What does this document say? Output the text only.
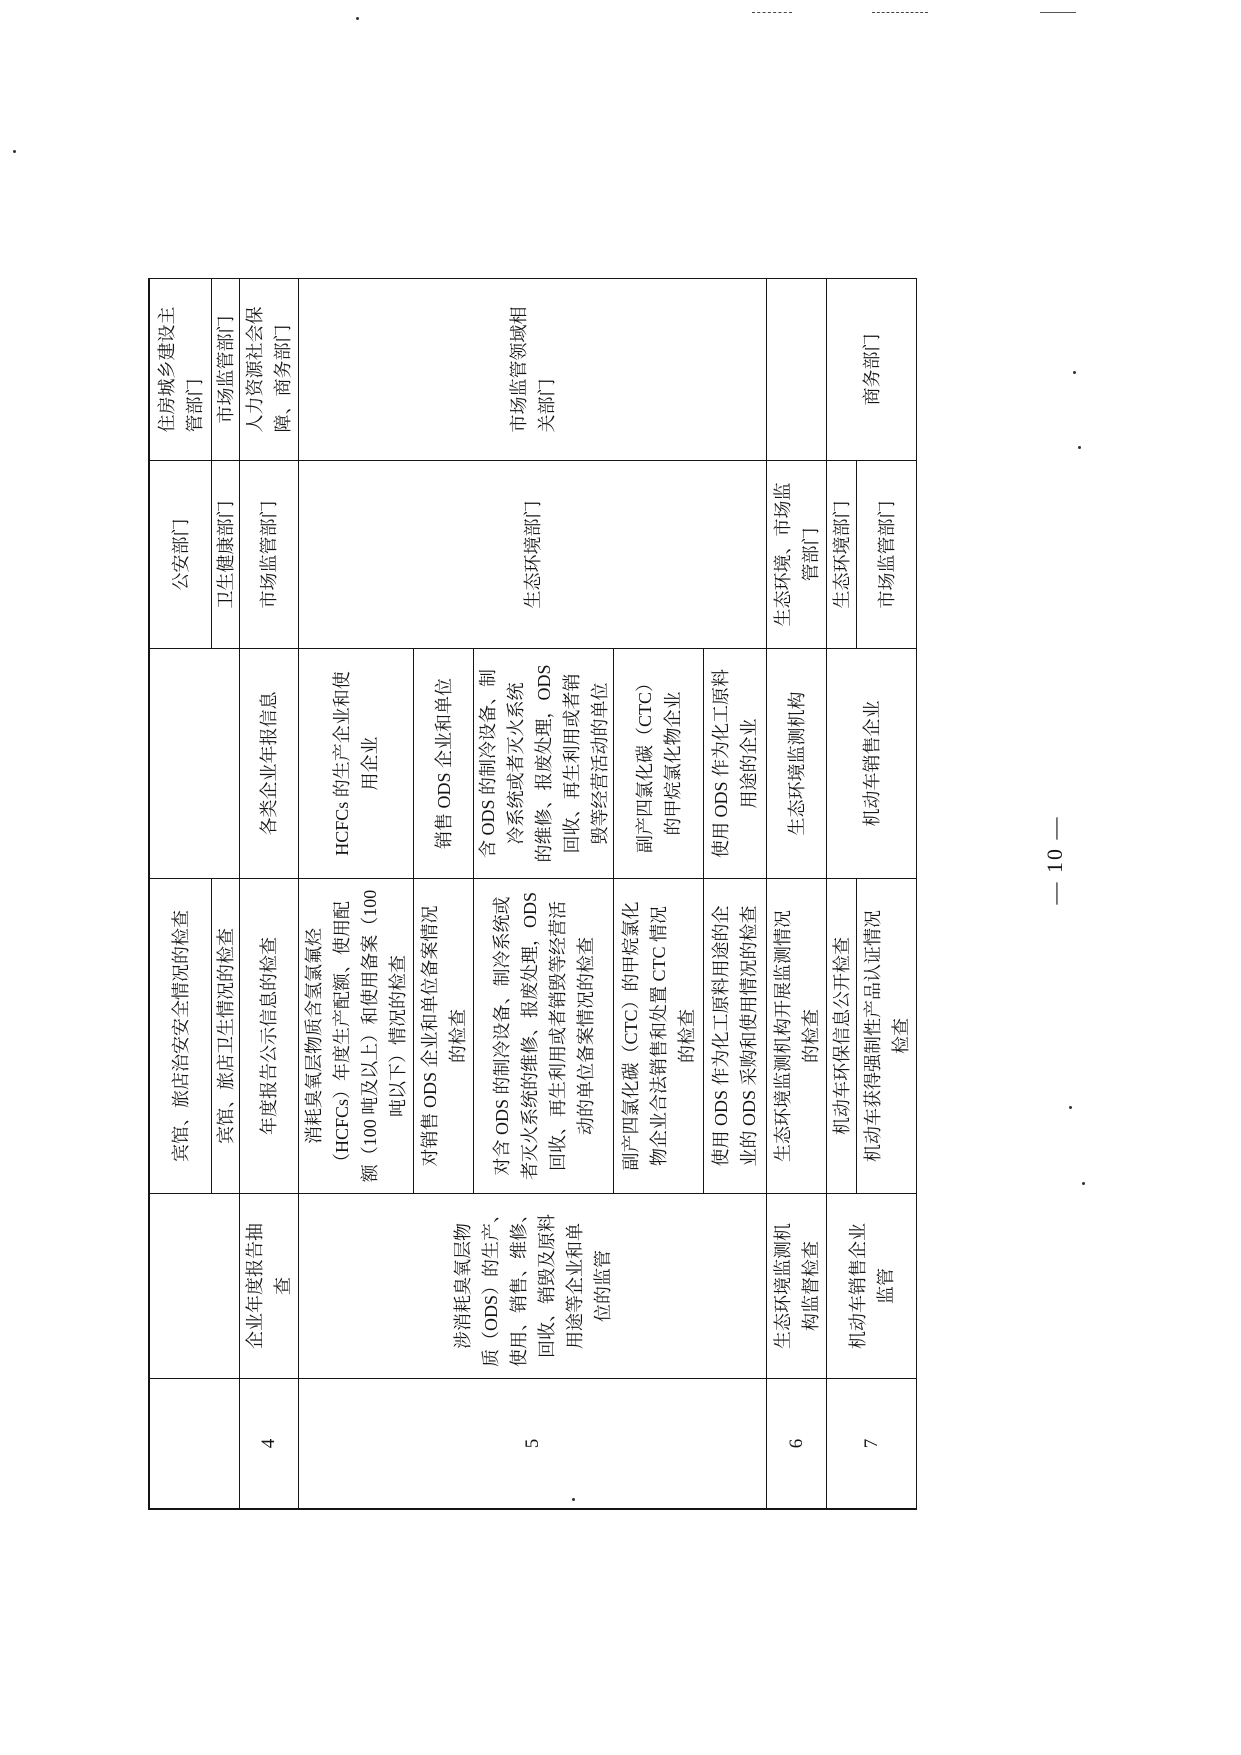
宾馆、旅店治安安全情况的检查
公安部门
住房城乡建设主
管部门
宾馆、旅店卫生情况的检查
卫生健康部门
市场监管部门
4
企业年度报告抽
查
年度报告公示信息的检查
各类企业年报信息
市场监管部门
人力资源社会保
障、商务部门
5
涉消耗臭氧层物
质（ODS）的生产、
使用、销售、维修、
回收、销毁及原料
用途等企业和单
位的监管
生态环境部门
市场监管领域相
关部门
消耗臭氧层物质含氢氯氟烃
（HCFCs）年度生产配额、使用配
额（100 吨及以上）和使用备案（100
吨以下）情况的检查
HCFCs 的生产企业和使
用企业
对销售 ODS 企业和单位备案情况
的检查
销售 ODS 企业和单位
对含 ODS 的制冷设备、制冷系统或
者灭火系统的维修、报废处理，ODS
回收、再生利用或者销毁等经营活
动的单位备案情况的检查
含 ODS 的制冷设备、制
冷系统或者灭火系统
的维修、报废处理，ODS
回收、再生利用或者销
毁等经营活动的单位
副产四氯化碳（CTC）的甲烷氯化
物企业合法销售和处置 CTC 情况
的检查
副产四氯化碳（CTC）
的甲烷氯化物企业
使用 ODS 作为化工原料用途的企
业的 ODS 采购和使用情况的检查
使用 ODS 作为化工原料
用途的企业
6
生态环境监测机
构监督检查
生态环境监测机构开展监测情况
的检查
生态环境监测机构
生态环境、市场监
管部门
7
机动车销售企业
监管
机动车环保信息公开检查
机动车销售企业
生态环境部门
商务部门
机动车获得强制性产品认证情况
检查
市场监管部门
— 10 —
